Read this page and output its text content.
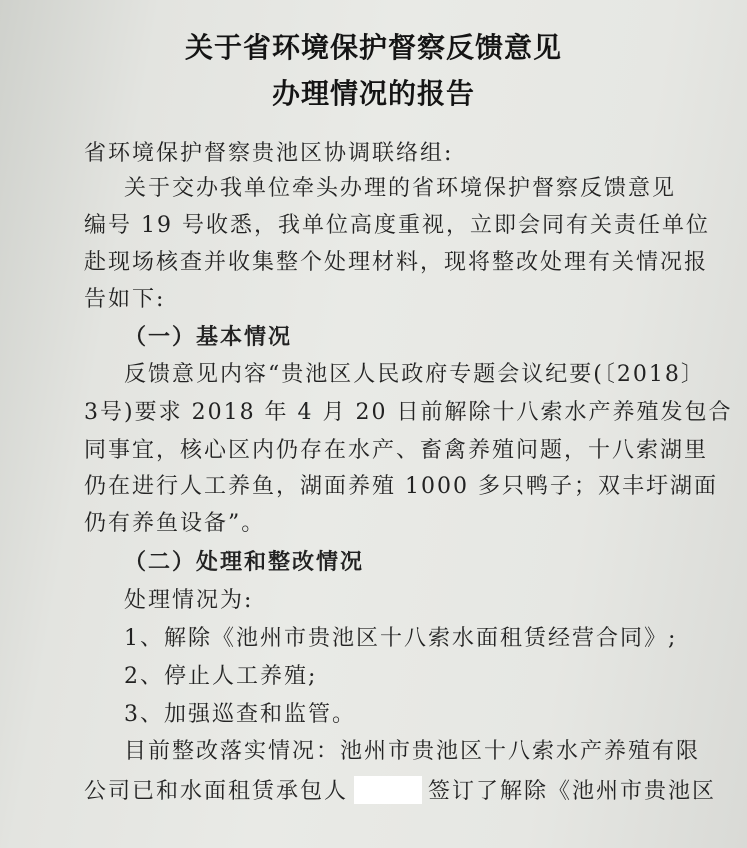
关于省环境保护督察反馈意见
办理情况的报告
省环境保护督察贵池区协调联络组:
关于交办我单位牵头办理的省环境保护督察反馈意见
编号 19 号收悉，我单位高度重视，立即会同有关责任单位
赴现场核查并收集整个处理材料，现将整改处理有关情况报
告如下:
（一）基本情况
反馈意见内容“贵池区人民政府专题会议纪要(〔2018〕
3号)要求 2018 年 4 月 20 日前解除十八索水产养殖发包合
同事宜，核心区内仍存在水产、畜禽养殖问题，十八索湖里
仍在进行人工养鱼，湖面养殖 1000 多只鸭子；双丰圩湖面
仍有养鱼设备”。
（二）处理和整改情况
处理情况为:
1、解除《池州市贵池区十八索水面租赁经营合同》;
2、停止人工养殖;
3、加强巡查和监管。
目前整改落实情况：池州市贵池区十八索水产养殖有限
公司已和水面租赁承包人	签订了解除《池州市贵池区
